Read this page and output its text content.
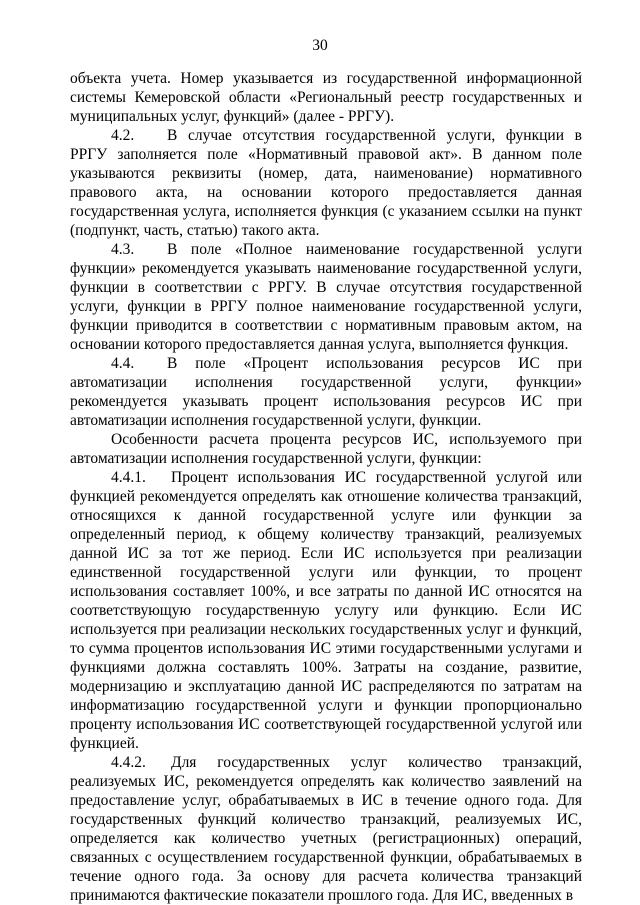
30

объекта учета. Номер указывается из государственной информационной системы Кемеровской области «Региональный реестр государственных и муниципальных услуг, функций» (далее - РРГУ).

4.2. В случае отсутствия государственной услуги, функции в РРГУ заполняется поле «Нормативный правовой акт». В данном поле указываются реквизиты (номер, дата, наименование) нормативного правового акта, на основании которого предоставляется данная государственная услуга, исполняется функция (с указанием ссылки на пункт (подпункт, часть, статью) такого акта.

4.3. В поле «Полное наименование государственной услуги функции» рекомендуется указывать наименование государственной услуги, функции в соответствии с РРГУ. В случае отсутствия государственной услуги, функции в РРГУ полное наименование государственной услуги, функции приводится в соответствии с нормативным правовым актом, на основании которого предоставляется данная услуга, выполняется функция.

4.4. В поле «Процент использования ресурсов ИС при автоматизации исполнения государственной услуги, функции» рекомендуется указывать процент использования ресурсов ИС при автоматизации исполнения государственной услуги, функции.

Особенности расчета процента ресурсов ИС, используемого при автоматизации исполнения государственной услуги, функции:

4.4.1. Процент использования ИС государственной услугой или функцией рекомендуется определять как отношение количества транзакций, относящихся к данной государственной услуге или функции за определенный период, к общему количеству транзакций, реализуемых данной ИС за тот же период. Если ИС используется при реализации единственной государственной услуги или функции, то процент использования составляет 100%, и все затраты по данной ИС относятся на соответствующую государственную услугу или функцию. Если ИС используется при реализации нескольких государственных услуг и функций, то сумма процентов использования ИС этими государственными услугами и функциями должна составлять 100%. Затраты на создание, развитие, модернизацию и эксплуатацию данной ИС распределяются по затратам на информатизацию государственной услуги и функции пропорционально проценту использования ИС соответствующей государственной услугой или функцией.

4.4.2. Для государственных услуг количество транзакций, реализуемых ИС, рекомендуется определять как количество заявлений на предоставление услуг, обрабатываемых в ИС в течение одного года. Для государственных функций количество транзакций, реализуемых ИС, определяется как количество учетных (регистрационных) операций, связанных с осуществлением государственной функции, обрабатываемых в течение одного года. За основу для расчета количества транзакций принимаются фактические показатели прошлого года. Для ИС, введенных в
